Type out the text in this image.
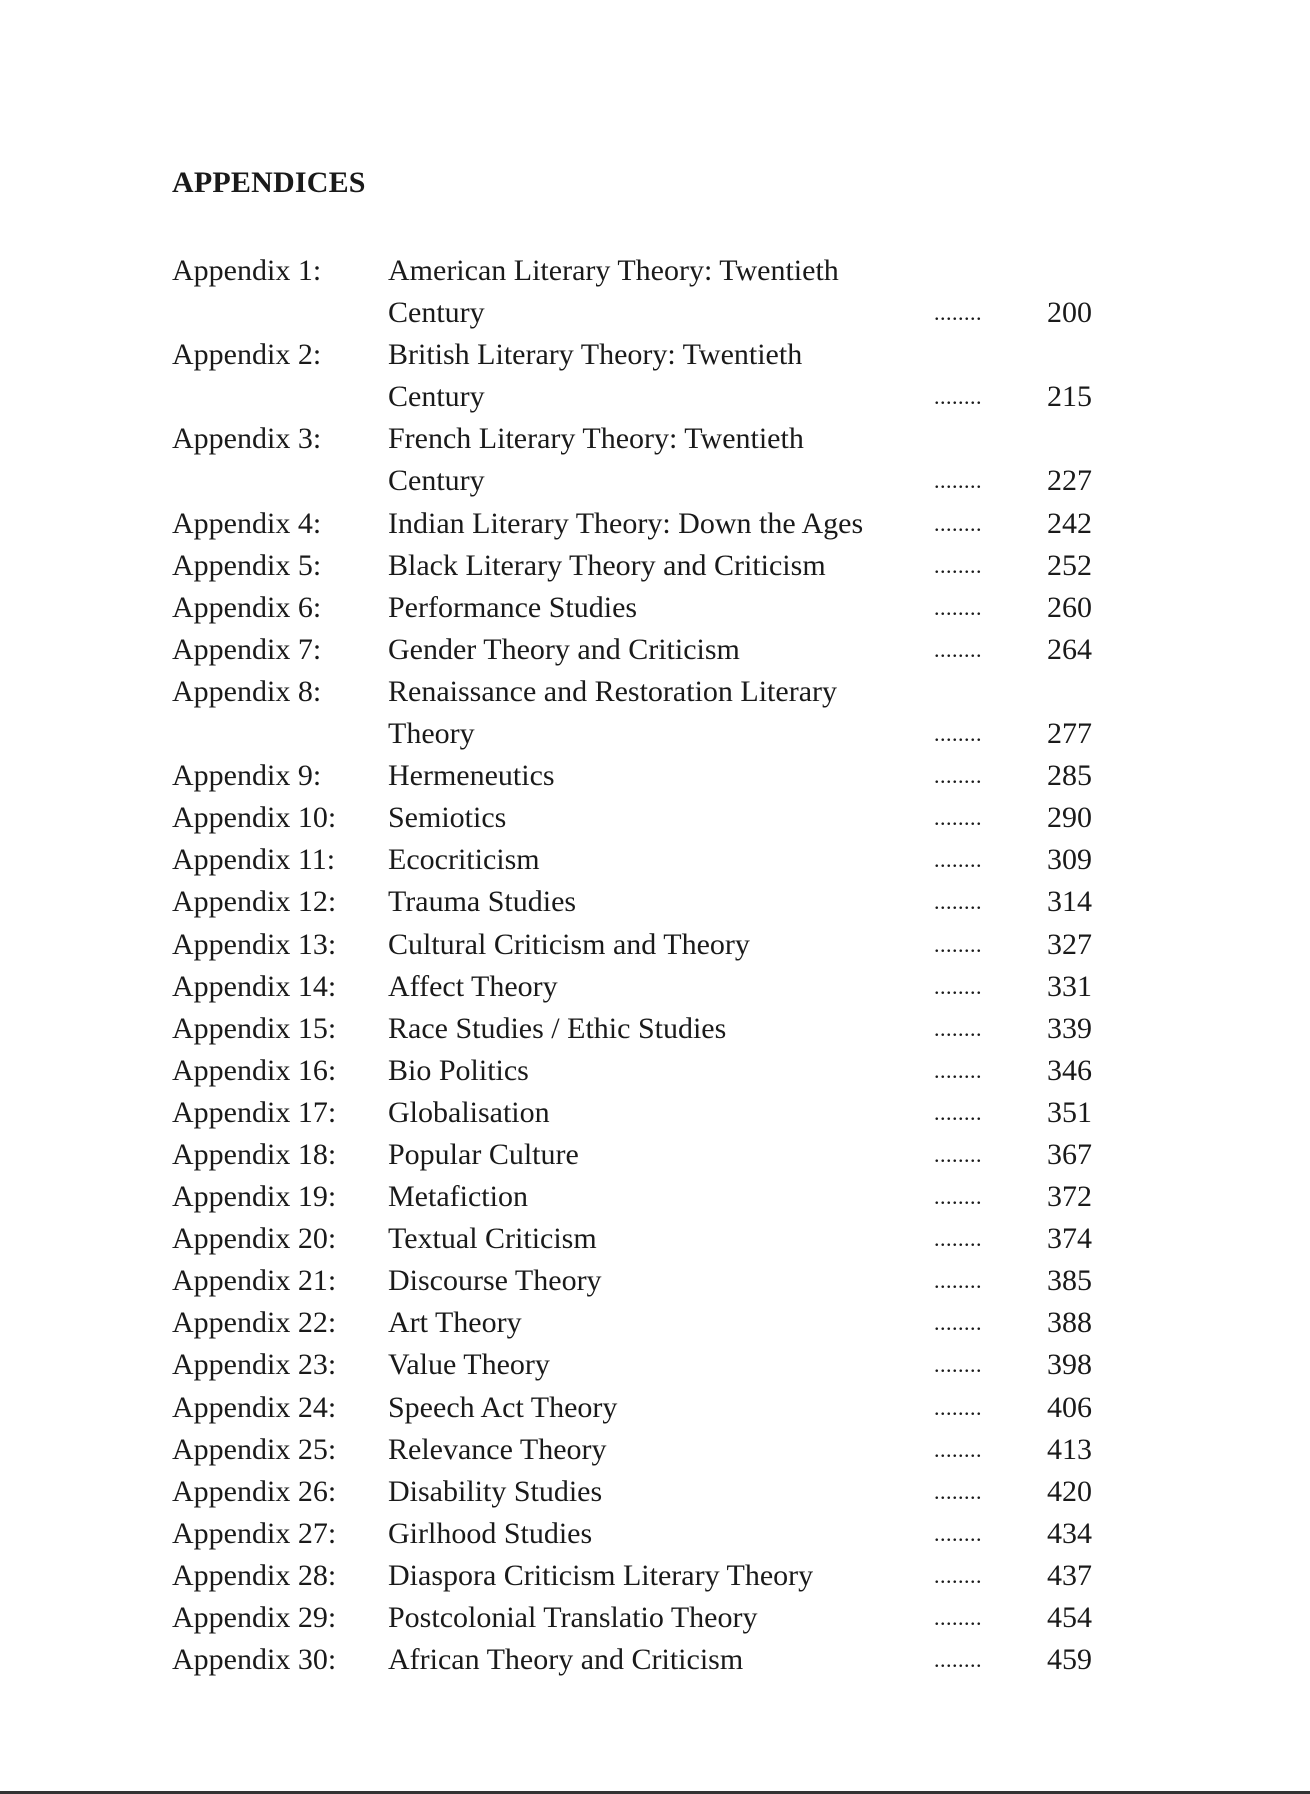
APPENDICES
Appendix 1: American Literary Theory: Twentieth
Century	........ 200
Appendix 2: British Literary Theory: Twentieth
Century	........ 215
Appendix 3: French Literary Theory: Twentieth
Century	........ 227
Appendix 4: Indian Literary Theory: Down the Ages	........ 242
Appendix 5: Black Literary Theory and Criticism	........ 252
Appendix 6: Performance Studies	........ 260
Appendix 7: Gender Theory and Criticism	........ 264
Appendix 8: Renaissance and Restoration Literary
Theory	........ 277
Appendix 9: Hermeneutics	........ 285
Appendix 10: Semiotics	........ 290
Appendix 11: Ecocriticism	........ 309
Appendix 12: Trauma Studies	........ 314
Appendix 13: Cultural Criticism and Theory	........ 327
Appendix 14: Affect Theory	........ 331
Appendix 15: Race Studies / Ethic Studies	........ 339
Appendix 16: Bio Politics	........ 346
Appendix 17: Globalisation	........ 351
Appendix 18: Popular Culture	........ 367
Appendix 19: Metafiction	........ 372
Appendix 20: Textual Criticism	........ 374
Appendix 21: Discourse Theory	........ 385
Appendix 22: Art Theory	........ 388
Appendix 23: Value Theory	........ 398
Appendix 24: Speech Act Theory	........ 406
Appendix 25: Relevance Theory	........ 413
Appendix 26: Disability Studies	........ 420
Appendix 27: Girlhood Studies	........ 434
Appendix 28: Diaspora Criticism Literary Theory	........ 437
Appendix 29: Postcolonial Translatio Theory	........ 454
Appendix 30: African Theory and Criticism	........ 459
